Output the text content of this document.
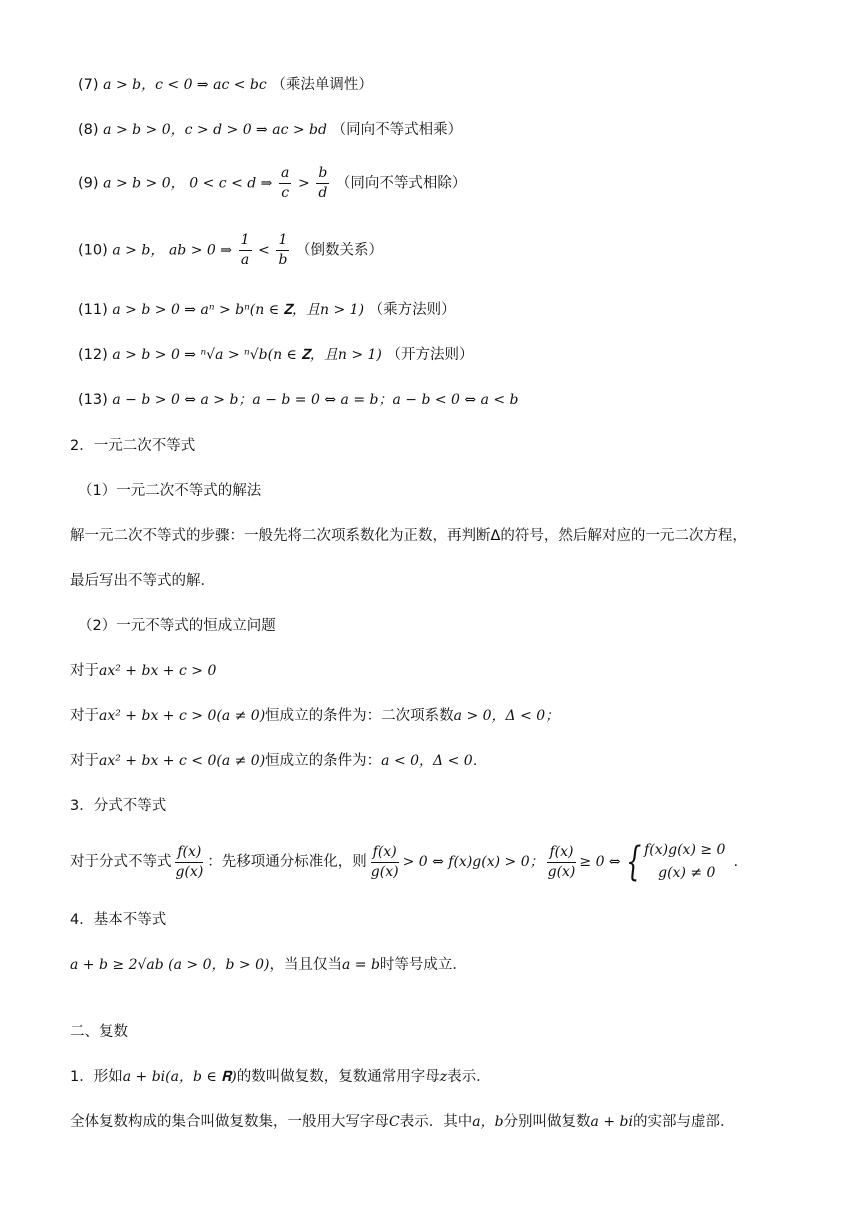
(7) a > b，c < 0 ⇒ ac < bc （乘法单调性）
(8) a > b > 0，c > d > 0 ⇒ ac > bd （同向不等式相乘）
(9) a > b > 0， 0 < c < d ⇒ $\frac{a}{c} > \frac{b}{d}$ （同向不等式相除）
(10) a > b， ab > 0 ⇒ $\frac{1}{a} < \frac{1}{b}$ （倒数关系）
(11) a > b > 0 ⇒ aⁿ > bⁿ(n ∈ 𝐙，且n > 1) （乘方法则）
(12) a > b > 0 ⇒ ⁿ√a > ⁿ√b(n ∈ 𝐙，且n > 1) （开方法则）
(13) a − b > 0 ⇔ a > b；a − b = 0 ⇔ a = b；a − b < 0 ⇔ a < b
2．一元二次不等式
（1）一元二次不等式的解法
解一元二次不等式的步骤：一般先将二次项系数化为正数，再判断Δ的符号，然后解对应的一元二次方程，
最后写出不等式的解．
（2）一元不等式的恒成立问题
对于ax² + bx + c > 0
对于ax² + bx + c > 0(a ≠ 0)恒成立的条件为：二次项系数a > 0，Δ < 0；
对于ax² + bx + c < 0(a ≠ 0)恒成立的条件为：a < 0，Δ < 0．
3．分式不等式
对于分式不等式 $\frac{f(x)}{g(x)}$ ：先移项通分标准化，则 $\frac{f(x)}{g(x)} > 0$ ⇔ f(x)g(x) > 0； $\frac{f(x)}{g(x)} \ge 0$ ⇔ { f(x)g(x) ≥ 0
g(x) ≠ 0
.
4．基本不等式
a + b ≥ 2√ab (a > 0，b > 0)，当且仅当a = b时等号成立．
二、复数
1．形如a + bi(a，b ∈ 𝐑)的数叫做复数，复数通常用字母z表示．
全体复数构成的集合叫做复数集，一般用大写字母C表示．其中a，b分别叫做复数a + bi的实部与虚部．
